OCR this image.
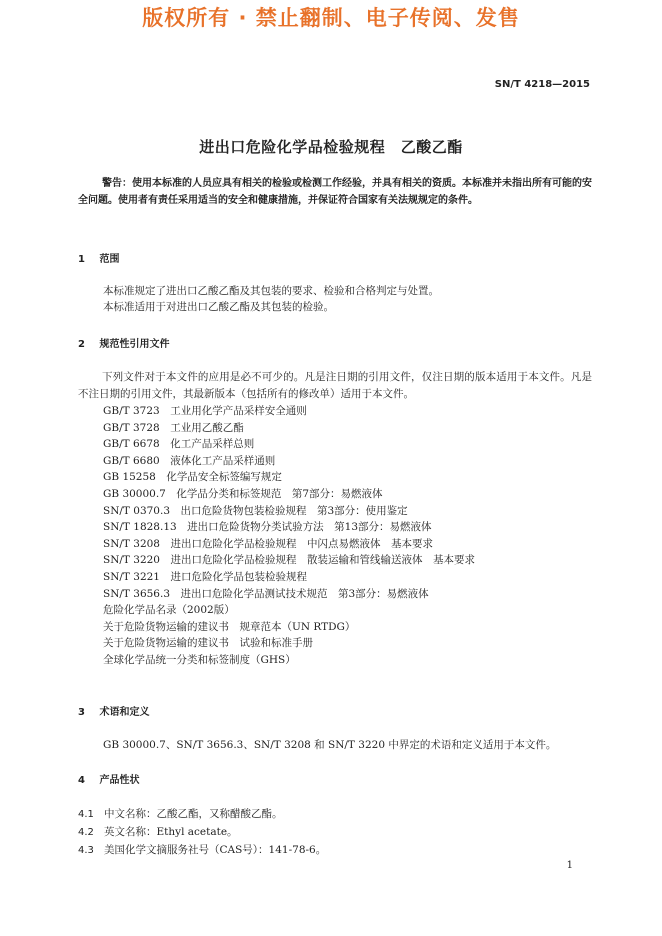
版权所有 · 禁止翻制、电子传阅、发售
SN/T 4218—2015
进出口危险化学品检验规程　乙酸乙酯

警告：使用本标准的人员应具有相关的检验或检测工作经验，并具有相关的资质。本标准并未指出所有可能的安全问题。使用者有责任采用适当的安全和健康措施，并保证符合国家有关法规规定的条件。

1 范围
本标准规定了进出口乙酸乙酯及其包装的要求、检验和合格判定与处置。
本标准适用于对进出口乙酸乙酯及其包装的检验。
2 规范性引用文件

下列文件对于本文件的应用是必不可少的。凡是注日期的引用文件，仅注日期的版本适用于本文件。凡是不注日期的引用文件，其最新版本（包括所有的修改单）适用于本文件。

GB/T 3723　工业用化学产品采样安全通则
GB/T 3728　工业用乙酸乙酯
GB/T 6678　化工产品采样总则
GB/T 6680　液体化工产品采样通则
GB 15258　化学品安全标签编写规定
GB 30000.7　化学品分类和标签规范　第7部分：易燃液体
SN/T 0370.3　出口危险货物包装检验规程　第3部分：使用鉴定
SN/T 1828.13　进出口危险货物分类试验方法　第13部分：易燃液体
SN/T 3208　进出口危险化学品检验规程　中闪点易燃液体　基本要求
SN/T 3220　进出口危险化学品检验规程　散装运输和管线输送液体　基本要求
SN/T 3221　进口危险化学品包装检验规程
SN/T 3656.3　进出口危险化学品测试技术规范　第3部分：易燃液体
危险化学品名录（2002版）
关于危险货物运输的建议书　规章范本（UN RTDG）
关于危险货物运输的建议书　试验和标准手册
全球化学品统一分类和标签制度（GHS）
3 术语和定义
GB 30000.7、SN/T 3656.3、SN/T 3208 和 SN/T 3220 中界定的术语和定义适用于本文件。
4 产品性状
4.1 中文名称：乙酸乙酯，又称醋酸乙酯。
4.2 英文名称：Ethyl acetate。
4.3 美国化学文摘服务社号（CAS号）：141-78-6。
1
